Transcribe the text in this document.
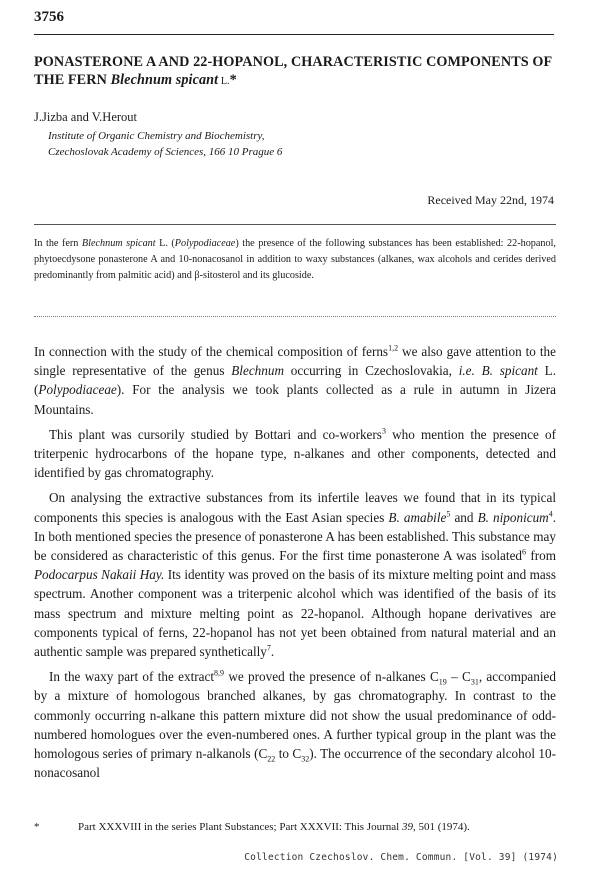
3756
PONASTERONE A AND 22-HOPANOL, CHARACTERISTIC COMPONENTS OF THE FERN Blechnum spicant L.*
J.Jizba and V.Herout
Institute of Organic Chemistry and Biochemistry,
Czechoslovak Academy of Sciences, 166 10 Prague 6
Received May 22nd, 1974
In the fern Blechnum spicant L. (Polypodiaceae) the presence of the following substances has been established: 22-hopanol, phytoecdysone ponasterone A and 10-nonacosanol in addition to waxy substances (alkanes, wax alcohols and cerides derived predominantly from palmitic acid) and β-sitosterol and its glucoside.

In connection with the study of the chemical composition of ferns$^{1,2}$ we also gave attention to the single representative of the genus Blechnum occurring in Czechoslovakia, i.e. B. spicant L. (Polypodiaceae). For the analysis we took plants collected as a rule in autumn in Jizera Mountains.

This plant was cursorily studied by Bottari and co-workers$^3$ who mention the presence of triterpenic hydrocarbons of the hopane type, n-alkanes and other components, detected and identified by gas chromatography.

On analysing the extractive substances from its infertile leaves we found that in its typical components this species is analogous with the East Asian species B. amabile$^5$ and B. niponicum$^4$. In both mentioned species the presence of ponasterone A has been established. This substance may be considered as characteristic of this genus. For the first time ponasterone A was isolated$^6$ from Podocarpus Nakaii Hay. Its identity was proved on the basis of its mixture melting point and mass spectrum. Another component was a triterpenic alcohol which was identified of the basis of its mass spectrum and mixture melting point as 22-hopanol. Although hopane derivatives are components typical of ferns, 22-hopanol has not yet been obtained from natural material and an authentic sample was prepared synthetically$^7$.

In the waxy part of the extract$^{8,9}$ we proved the presence of n-alkanes $C_{19} - C_{31}$, accompanied by a mixture of homologous branched alkanes, by gas chromatography. In contrast to the commonly occurring n-alkane this pattern mixture did not show the usual predominance of odd-numbered homologues over the even-numbered ones. A further typical group in the plant was the homologous series of primary n-alkanols ($C_{22}$ to $C_{32}$). The occurrence of the secondary alcohol 10-nonacosanol

*	Part XXXVIII in the series Plant Substances; Part XXXVII: This Journal 39, 501 (1974).
Collection Czechoslov. Chem. Commun. [Vol. 39] (1974)
